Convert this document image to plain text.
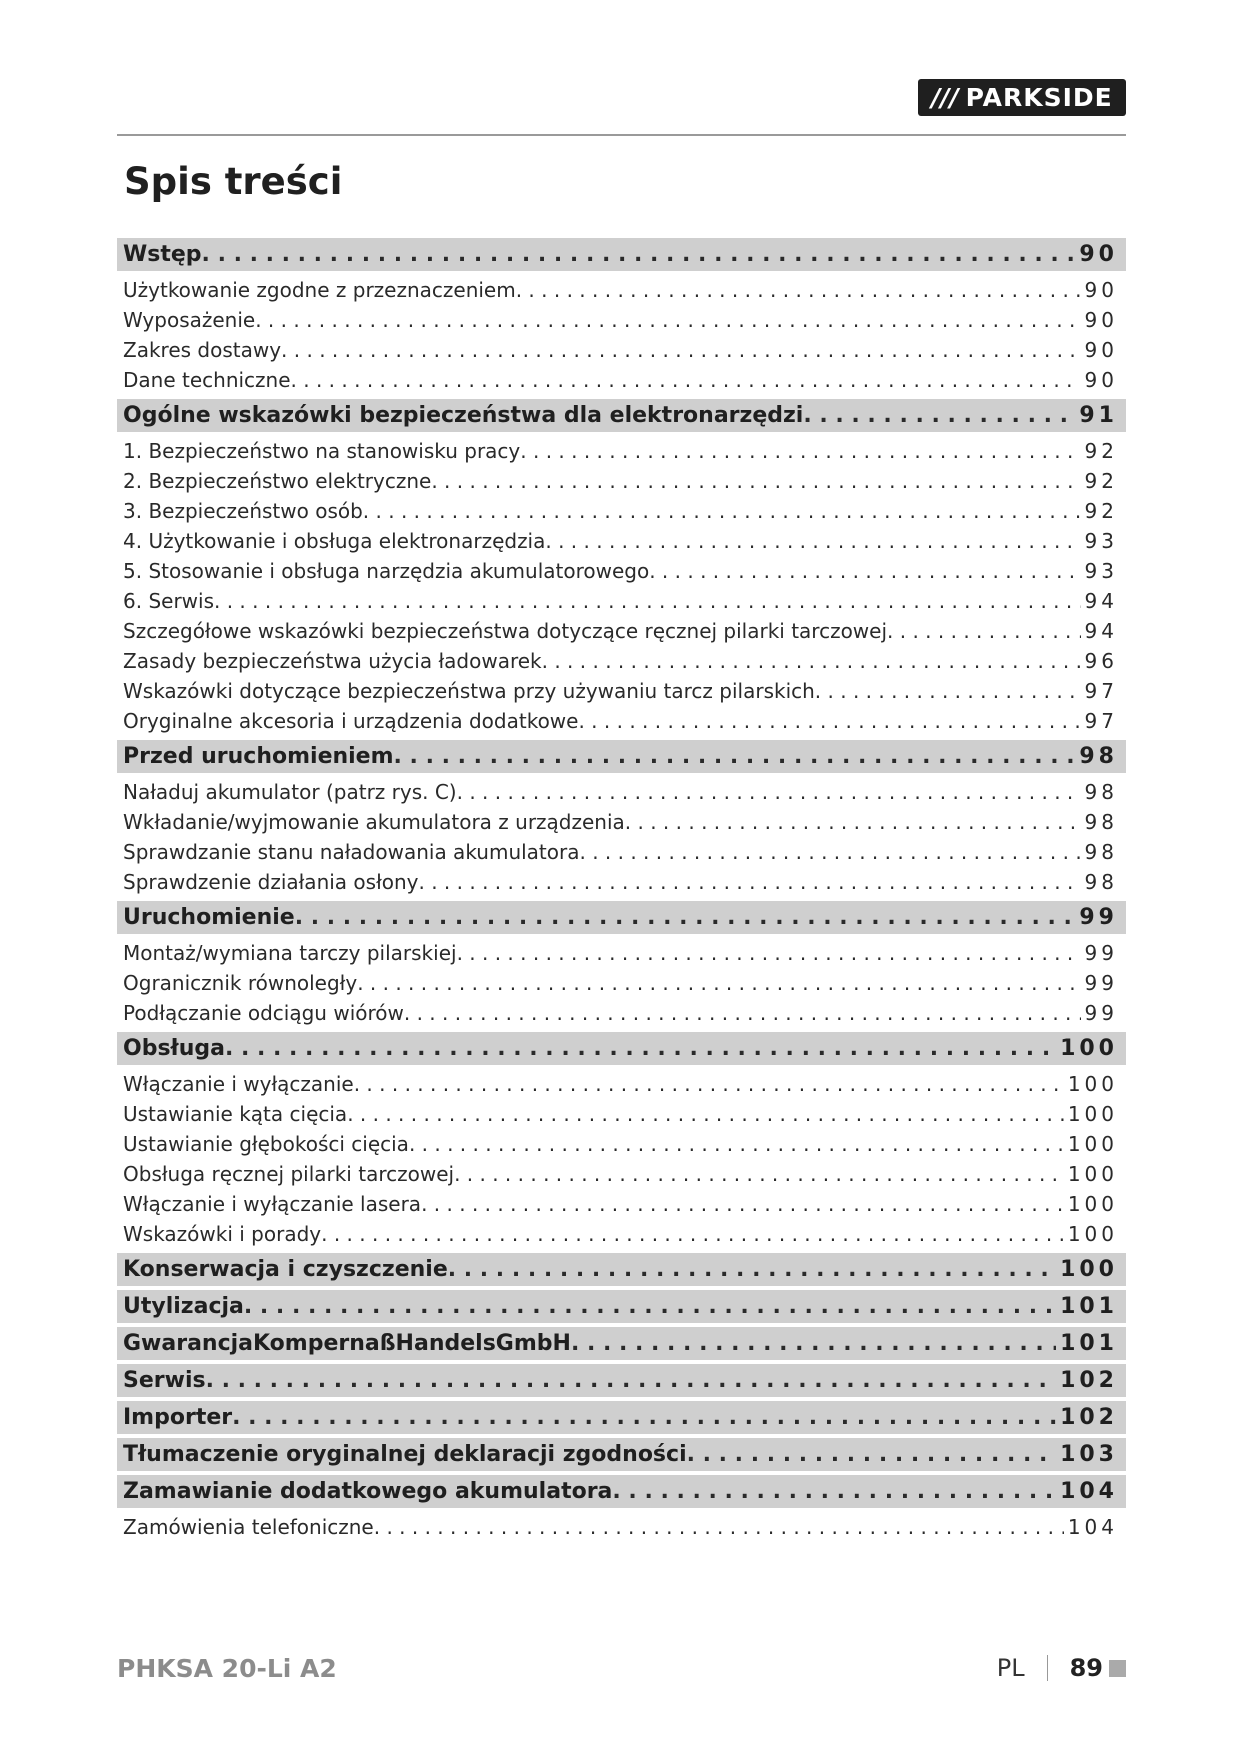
/// PARKSIDE
Spis treści
Wstęp . . .	90
Użytkowanie zgodne z przeznaczeniem . . .	90
Wyposażenie . . .	90
Zakres dostawy . . .	90
Dane techniczne . . .	90
Ogólne wskazówki bezpieczeństwa dla elektronarzędzi . . .	91
1. Bezpieczeństwo na stanowisku pracy . . .	92
2. Bezpieczeństwo elektryczne . . .	92
3. Bezpieczeństwo osób . . .	92
4. Użytkowanie i obsługa elektronarzędzia . . .	93
5. Stosowanie i obsługa narzędzia akumulatorowego . . .	93
6. Serwis . . .	94
Szczegółowe wskazówki bezpieczeństwa dotyczące ręcznej pilarki tarczowej . . .	94
Zasady bezpieczeństwa użycia ładowarek . . .	96
Wskazówki dotyczące bezpieczeństwa przy używaniu tarcz pilarskich . . .	97
Oryginalne akcesoria i urządzenia dodatkowe . . .	97
Przed uruchomieniem . . .	98
Naładuj akumulator (patrz rys. C) . . .	98
Wkładanie/wyjmowanie akumulatora z urządzenia . . .	98
Sprawdzanie stanu naładowania akumulatora . . .	98
Sprawdzenie działania osłony . . .	98
Uruchomienie . . .	99
Montaż/wymiana tarczy pilarskiej . . .	99
Ogranicznik równoległy . . .	99
Podłączanie odciągu wiórów . . .	99
Obsługa . . .	100
Włączanie i wyłączanie . . .	100
Ustawianie kąta cięcia . . .	100
Ustawianie głębokości cięcia . . .	100
Obsługa ręcznej pilarki tarczowej . . .	100
Włączanie i wyłączanie lasera . . .	100
Wskazówki i porady . . .	100
Konserwacja i czyszczenie . . .	100
Utylizacja . . .	101
GwarancjaKompernaßHandelsGmbH . . .	101
Serwis . . .	102
Importer . . .	102
Tłumaczenie oryginalnej deklaracji zgodności . . .	103
Zamawianie dodatkowego akumulatora . . .	104
Zamówienia telefoniczne . . .	104
PHKSA 20-Li A2	PL 89
